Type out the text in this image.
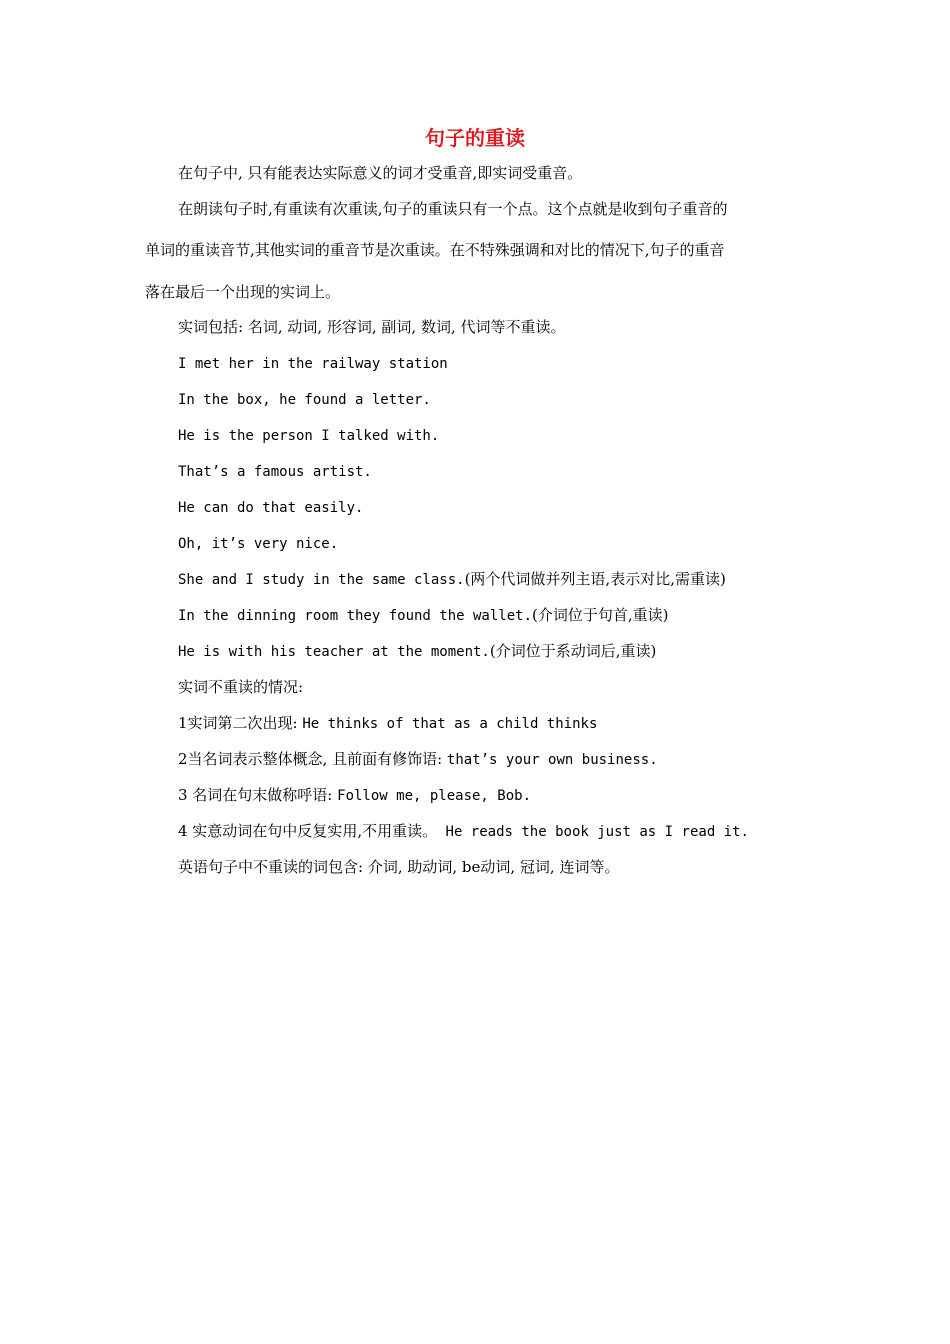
句子的重读
在句子中, 只有能表达实际意义的词才受重音,即实词受重音。
在朗读句子时,有重读有次重读,句子的重读只有一个点。这个点就是收到句子重音的
单词的重读音节,其他实词的重音节是次重读。在不特殊强调和对比的情况下,句子的重音
落在最后一个出现的实词上。
实词包括: 名词, 动词, 形容词, 副词, 数词, 代词等不重读。
I met her in the railway station
In the box, he found a letter.
He is the person I talked with.
That’s a famous artist.
He can do that easily.
Oh, it’s very nice.
She and I study in the same class.(两个代词做并列主语,表示对比,需重读)
In the dinning room they found the wallet.(介词位于句首,重读)
He is with his teacher at the moment.(介词位于系动词后,重读)
实词不重读的情况:
1实词第二次出现: He thinks of that as a child thinks
2当名词表示整体概念, 且前面有修饰语: that’s your own business.
3 名词在句末做称呼语: Follow me, please, Bob.
4 实意动词在句中反复实用,不用重读。 He reads the book just as I read it.
英语句子中不重读的词包含: 介词, 助动词, be动词, 冠词, 连词等。
